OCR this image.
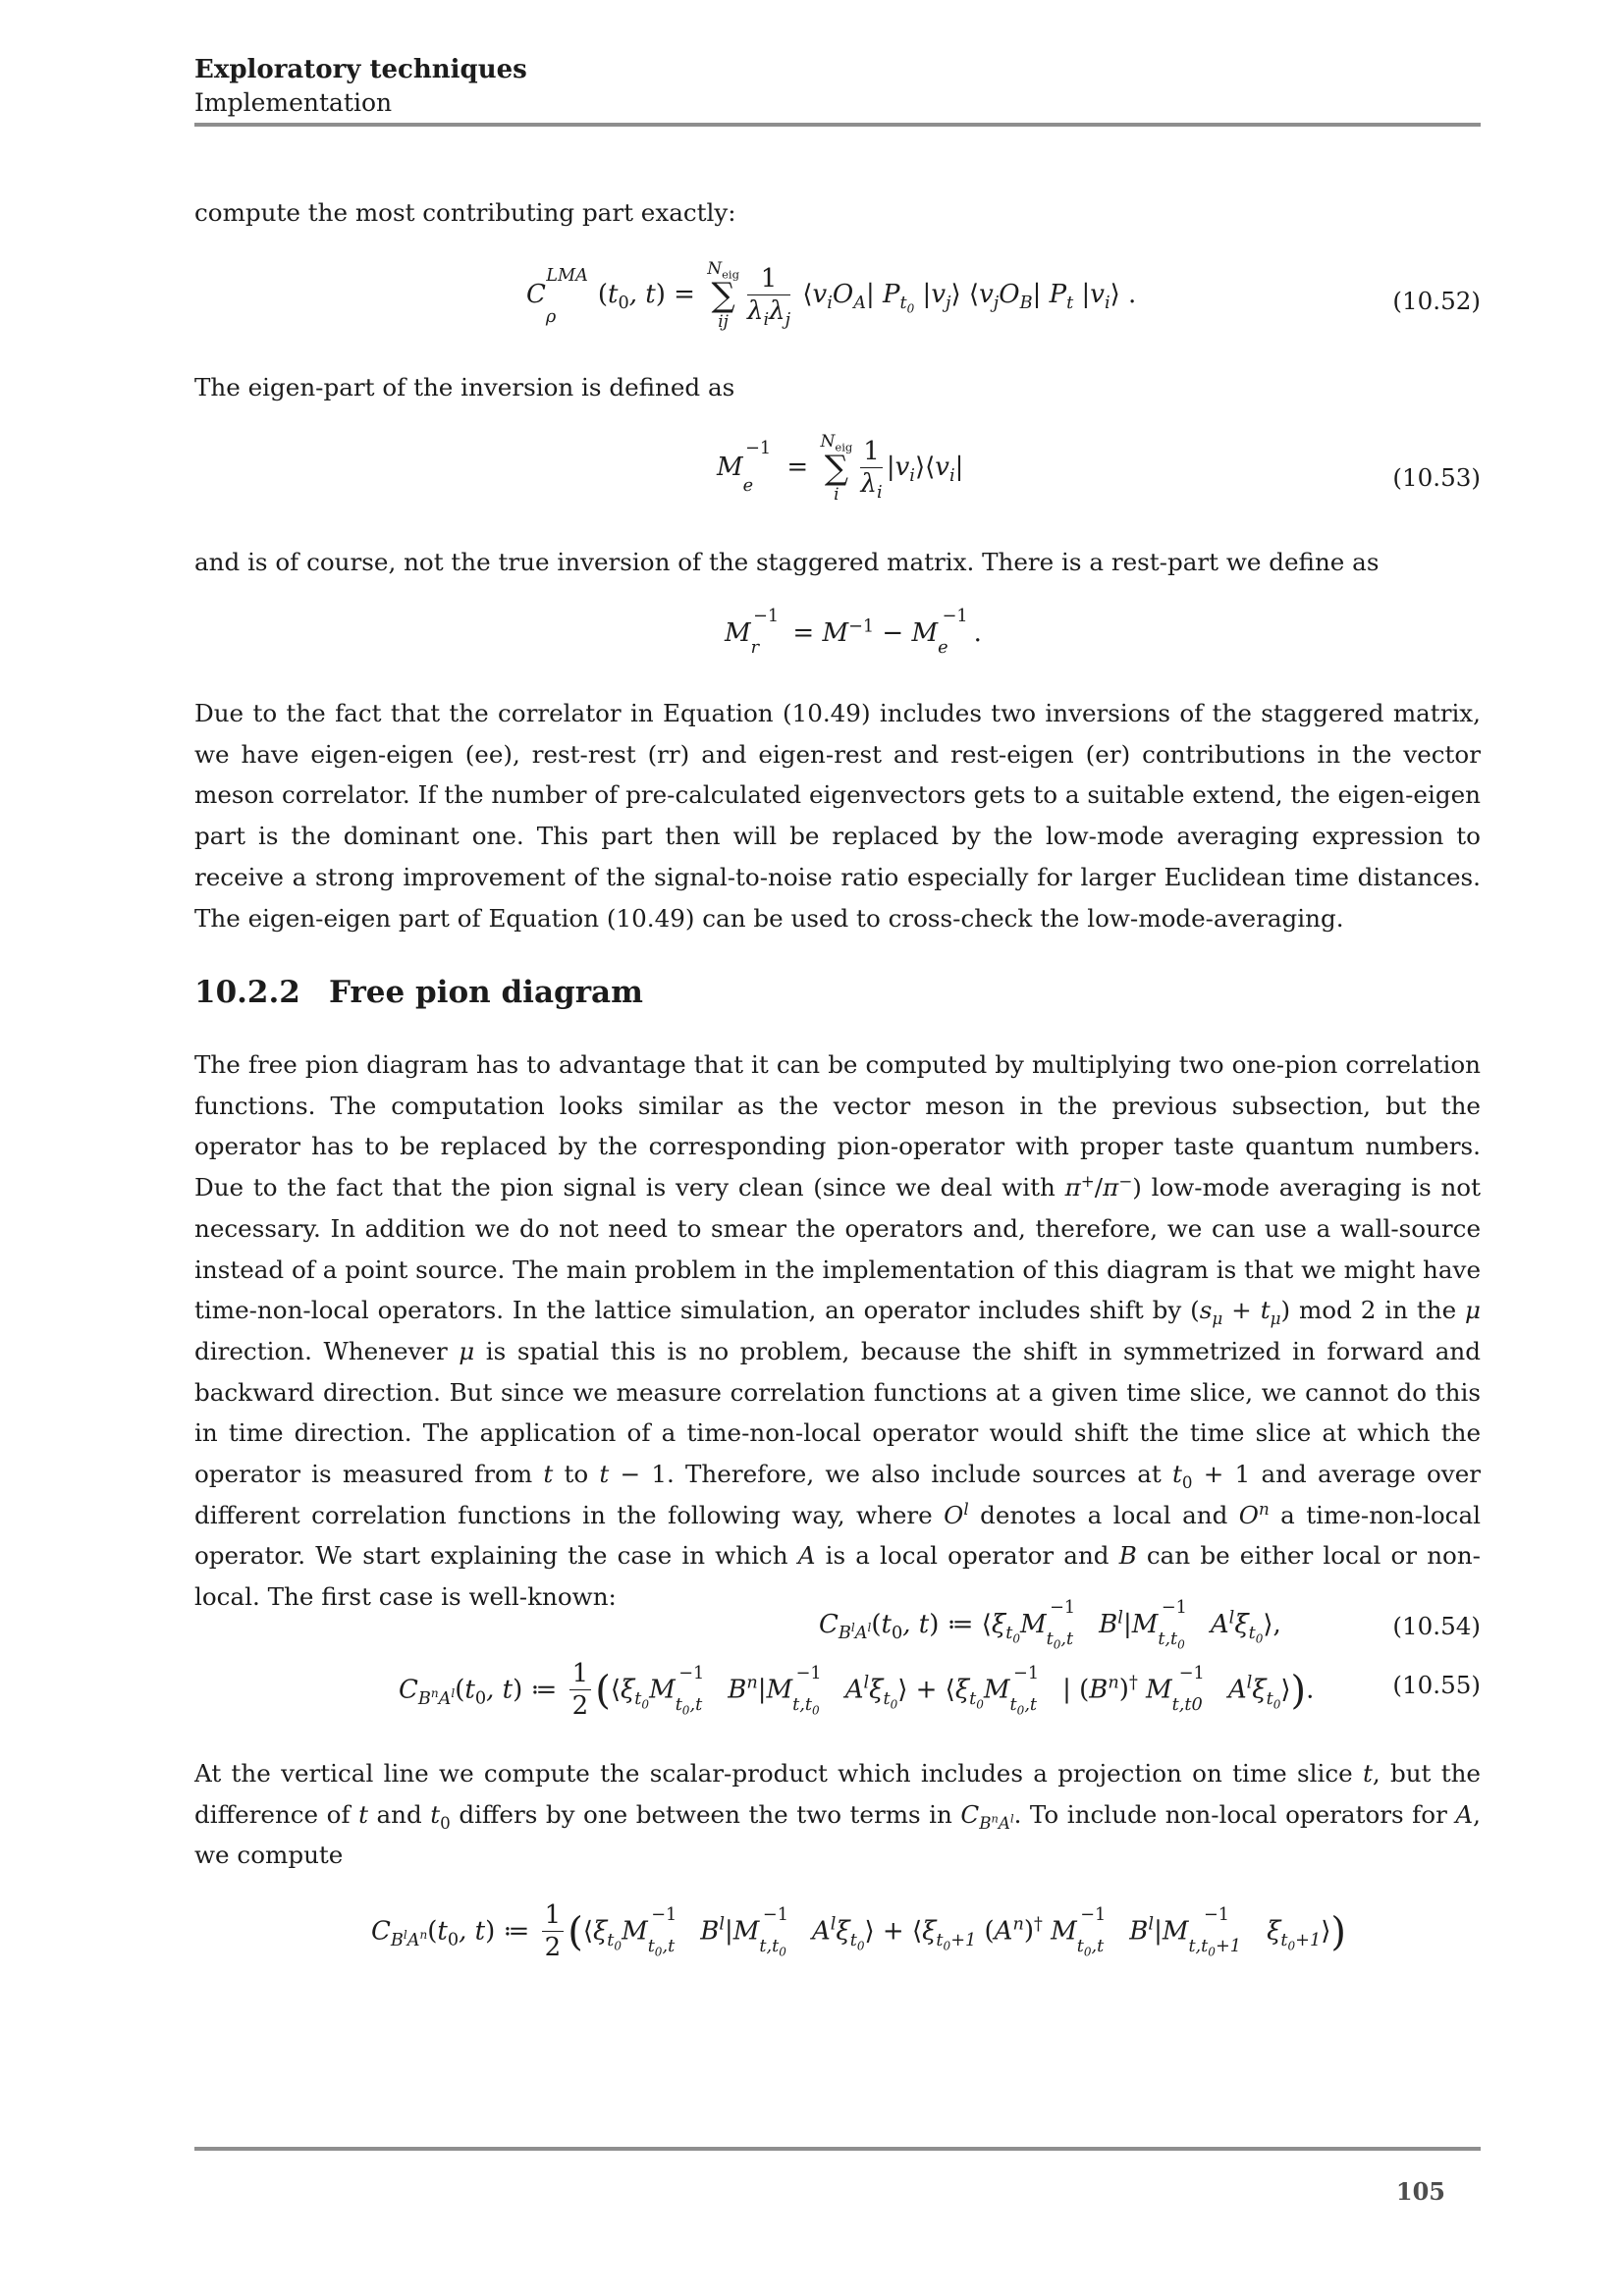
Exploratory techniques
Implementation
compute the most contributing part exactly:
$C_\rho^{LMA}(t_0$, t) =
$N_{eig}$
∑
ij $\frac{1}{\lambda_i\lambda_j}$ $⟨v_iO_A|$ $P_{t_0}$ $|v_j⟩$ $⟨v_jO_B|$ $P_t$ $|v_i⟩$ .	(10.52)
The eigen-part of the inversion is defined as
$M_e^{-1}$ =
$N_{eig}$
∑
i $\frac{1}{\lambda_i}$ $|v_i⟩⟨v_i|$	(10.53)
and is of course, not the true inversion of the staggered matrix. There is a rest-part we define as
$M_r^{-1} = M^{-1} - M_e^{-1}$.
Due to the fact that the correlator in Equation (10.49) includes two inversions of the staggered matrix, we have eigen-eigen (ee), rest-rest (rr) and eigen-rest and rest-eigen (er) contributions in the vector meson correlator. If the number of pre-calculated eigenvectors gets to a suitable extend, the eigen-eigen part is the dominant one. This part then will be replaced by the low-mode averaging expression to receive a strong improvement of the signal-to-noise ratio especially for larger Euclidean time distances. The eigen-eigen part of Equation (10.49) can be used to cross-check the low-mode-averaging.
10.2.2 Free pion diagram
The free pion diagram has to advantage that it can be computed by multiplying two one-pion correlation functions. The computation looks similar as the vector meson in the previous subsection, but the operator has to be replaced by the corresponding pion-operator with proper taste quantum numbers. Due to the fact that the pion signal is very clean (since we deal with π+/π−) low-mode averaging is not necessary. In addition we do not need to smear the operators and, therefore, we can use a wall-source instead of a point source. The main problem in the implementation of this diagram is that we might have time-non-local operators. In the lattice simulation, an operator includes shift by $(s_\mu + t_\mu)$ mod 2 in the μ direction. Whenever μ is spatial this is no problem, because the shift in symmetrized in forward and backward direction. But since we measure correlation functions at a given time slice, we cannot do this in time direction. The application of a time-non-local operator would shift the time slice at which the operator is measured from t to t − 1. Therefore, we also include sources at $t_0 + 1$ and average over different correlation functions in the following way, where $O^l$ denotes a local and $O^n$ a time-non-local operator. We start explaining the case in which A is a local operator and B can be either local or non-local. The first case is well-known:
$C_{B^lA^l}(t_0$, t) ≔ $⟨\xi_{t_0}M_{t_0,t}^{-1}B^l|M_{t,t_0}^{-1}A^l\xi_{t_0}⟩$,	(10.54)
$C_{B^nA^l}(t_0$, t) ≔ $\frac{1}{2}$ ($⟨\xi_{t_0}M_{t_0,t}^{-1}B^n|M_{t,t_0}^{-1}A^l\xi_{t_0}⟩$ + $⟨\xi_{t_0}M_{t_0,t}^{-1}|$ $(B^n)^\dagger$ $M_{t,t0}^{-1}A^l\xi_{t_0}⟩$).	(10.55)
At the vertical line we compute the scalar-product which includes a projection on time slice t, but the difference of t and $t_0$ differs by one between the two terms in $C_{B^nA^l}$. To include non-local operators for A, we compute
$C_{B^lA^n}(t_0$, t) ≔ $\frac{1}{2}$ ($⟨\xi_{t_0}M_{t_0,t}^{-1}B^l|M_{t,t_0}^{-1}A^l\xi_{t_0}⟩$ + $⟨\xi_{t_0+1}$ $(A^n)^\dagger$ $M_{t_0,t}^{-1}B^l|M_{t,t_0+1}^{-1}\xi_{t_0+1}⟩$)
105
